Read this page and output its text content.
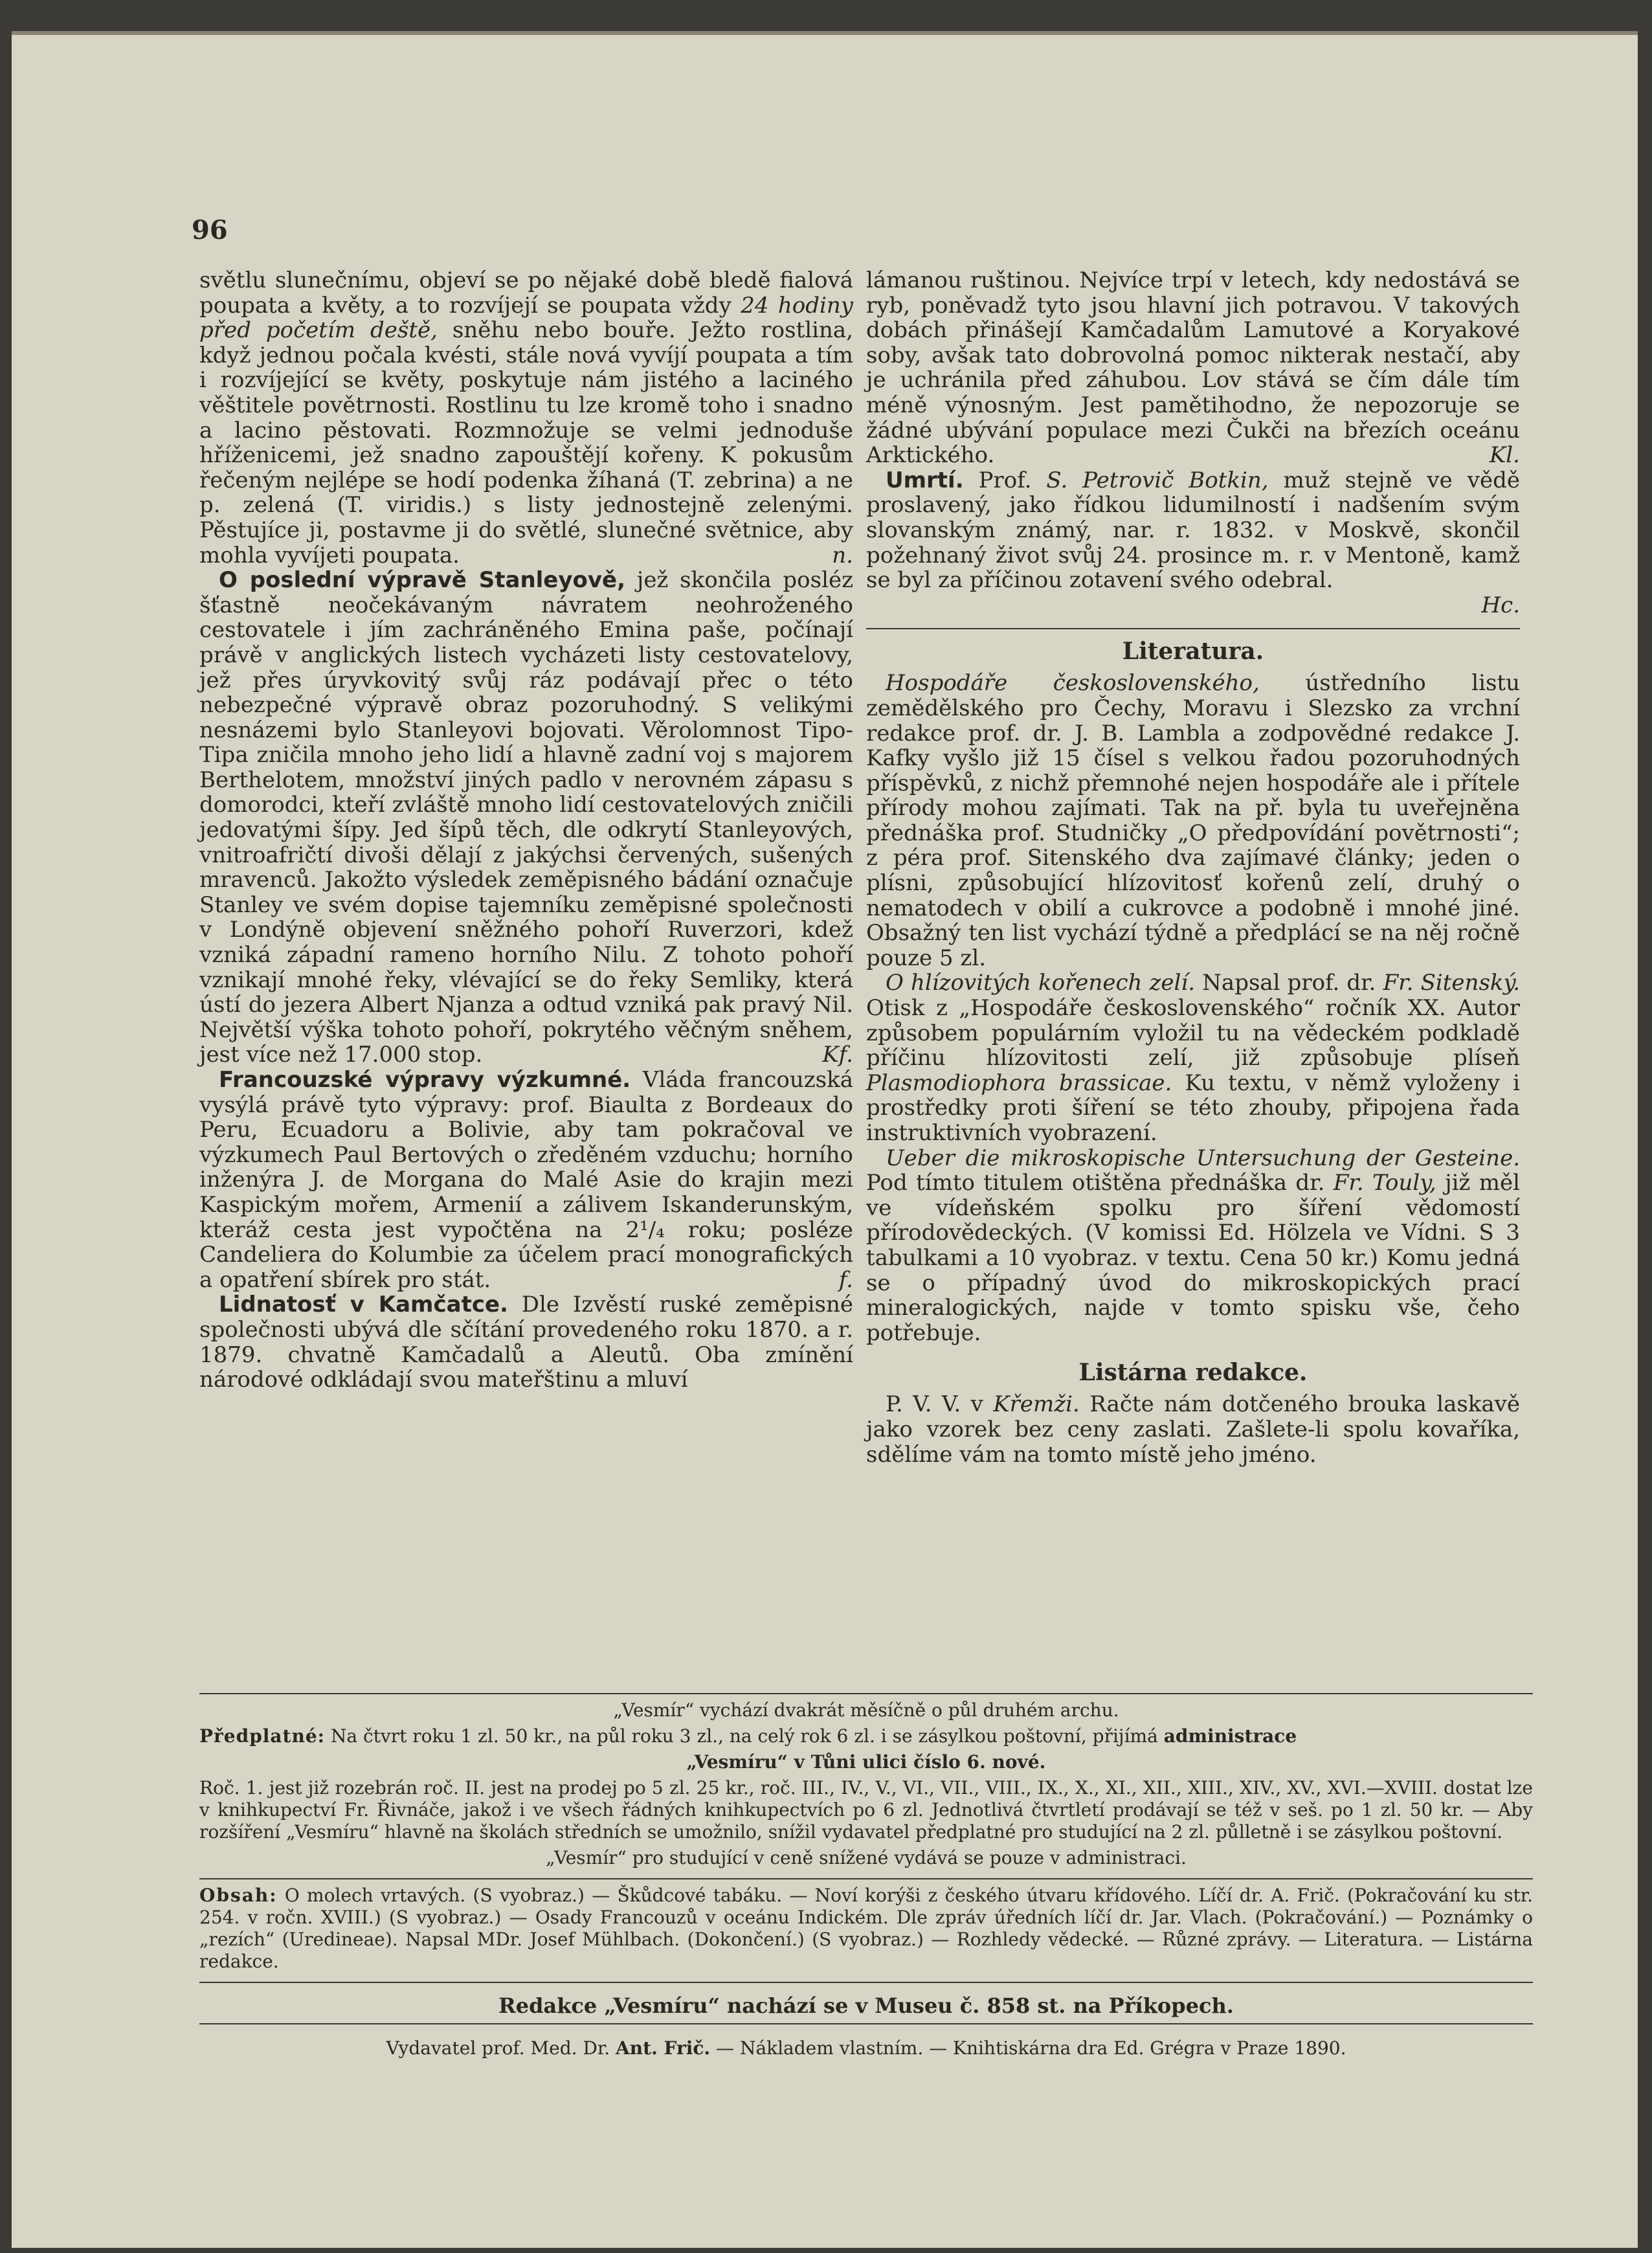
96

světlu slunečnímu, objeví se po nějaké době bledě fialová poupata a květy, a to rozvíjejí se poupata vždy 24 hodiny před početím deště, sněhu nebo bouře. Ježto rostlina, když jednou počala kvésti, stále nová vyvíjí poupata a tím i rozvíjející se květy, poskytuje nám jistého a laciného věštitele povětrnosti. Rostlinu tu lze kromě toho i snadno a lacino pěstovati. Rozmnožuje se velmi jednoduše hříženicemi, jež snadno zapouštějí kořeny. K pokusům řečeným nejlépe se hodí podenka žíhaná (T. zebrina) a ne p. zelená (T. viridis.) s listy jednostejně zelenými. Pěstujíce ji, postavme ji do světlé, slunečné světnice, aby mohla vyvíjeti poupata.	n.

O poslední výpravě Stanleyově, jež skončila posléz šťastně neočekávaným návratem neohroženého cestovatele i jím zachráněného Emina paše, počínají právě v anglických listech vycházeti listy cestovatelovy, jež přes úryvkovitý svůj ráz podávají přec o této nebezpečné výpravě obraz pozoruhodný. S velikými nesnázemi bylo Stanleyovi bojovati. Věrolomnost Tipo-Tipa zničila mnoho jeho lidí a hlavně zadní voj s majorem Berthelotem, množství jiných padlo v nerovném zápasu s domorodci, kteří zvláště mnoho lidí cestovatelových zničili jedovatými šípy. Jed šípů těch, dle odkrytí Stanleyových, vnitroafričtí divoši dělají z jakýchsi červených, sušených mravenců. Jakožto výsledek zeměpisného bádání označuje Stanley ve svém dopise tajemníku zeměpisné společnosti v Londýně objevení sněžného pohoří Ruverzori, kdež vzniká západní rameno horního Nilu. Z tohoto pohoří vznikají mnohé řeky, vlévající se do řeky Semliky, která ústí do jezera Albert Njanza a odtud vzniká pak pravý Nil. Největší výška tohoto pohoří, pokrytého věčným sněhem, jest více než 17.000 stop.	Kf.

Francouzské výpravy výzkumné. Vláda francouzská vysýlá právě tyto výpravy: prof. Biaulta z Bordeaux do Peru, Ecuadoru a Bolivie, aby tam pokračoval ve výzkumech Paul Bertových o zředěném vzduchu; horního inženýra J. de Morgana do Malé Asie do krajin mezi Kaspickým mořem, Armenií a zálivem Iskanderunským, kteráž cesta jest vypočtěna na 2¹/₄ roku; posléze Candeliera do Kolumbie za účelem prací monografických a opatření sbírek pro stát.	f.

Lidnatosť v Kamčatce. Dle Izvěstí ruské zeměpisné společnosti ubývá dle sčítání provedeného roku 1870. a r. 1879. chvatně Kamčadalů a Aleutů. Oba zmínění národové odkládají svou mateřštinu a mluví

lámanou ruštinou. Nejvíce trpí v letech, kdy nedostává se ryb, poněvadž tyto jsou hlavní jich potravou. V takových dobách přinášejí Kamčadalům Lamutové a Koryakové soby, avšak tato dobrovolná pomoc nikterak nestačí, aby je uchránila před záhubou. Lov stává se čím dále tím méně výnosným. Jest pamětihodno, že nepozoruje se žádné ubývání populace mezi Čukči na březích oceánu Arktického.	Kl.

Umrtí. Prof. S. Petrovič Botkin, muž stejně ve vědě proslavený, jako řídkou lidumilností i nadšením svým slovanským známý, nar. r. 1832. v Moskvě, skončil požehnaný život svůj 24. prosince m. r. v Mentoně, kamž se byl za příčinou zotavení svého odebral.

Hc.

Literatura.

Hospodáře československého, ústředního listu zemědělského pro Čechy, Moravu i Slezsko za vrchní redakce prof. dr. J. B. Lambla a zodpovědné redakce J. Kafky vyšlo již 15 čísel s velkou řadou pozoruhodných příspěvků, z nichž přemnohé nejen hospodáře ale i přítele přírody mohou zajímati. Tak na př. byla tu uveřejněna přednáška prof. Studničky „O předpovídání povětrnosti“; z péra prof. Sitenského dva zajímavé články; jeden o plísni, způsobující hlízovitosť kořenů zelí, druhý o nematodech v obilí a cukrovce a podobně i mnohé jiné. Obsažný ten list vychází týdně a předplácí se na něj ročně pouze 5 zl.

O hlízovitých kořenech zelí. Napsal prof. dr. Fr. Sitenský. Otisk z „Hospodáře československého“ ročník XX. Autor způsobem populárním vyložil tu na vědeckém podkladě příčinu hlízovitosti zelí, již způsobuje plíseň Plasmodiophora brassicae. Ku textu, v němž vyloženy i prostředky proti šíření se této zhouby, připojena řada instruktivních vyobrazení.

Ueber die mikroskopische Untersuchung der Gesteine. Pod tímto titulem otištěna přednáška dr. Fr. Touly, již měl ve vídeňském spolku pro šíření vědomostí přírodovědeckých. (V komissi Ed. Hölzela ve Vídni. S 3 tabulkami a 10 vyobraz. v textu. Cena 50 kr.) Komu jedná se o případný úvod do mikroskopických prací mineralogických, najde v tomto spisku vše, čeho potřebuje.

Listárna redakce.

P. V. V. v Křemži. Račte nám dotčeného brouka laskavě jako vzorek bez ceny zaslati. Zašlete-li spolu kovaříka, sdělíme vám na tomto místě jeho jméno.

„Vesmír“ vychází dvakrát měsíčně o půl druhém archu.
Předplatné: Na čtvrt roku 1 zl. 50 kr., na půl roku 3 zl., na celý rok 6 zl. i se zásylkou poštovní, přijímá administrace
„Vesmíru“ v Tůni ulici číslo 6. nové.
Roč. 1. jest již rozebrán roč. II. jest na prodej po 5 zl. 25 kr., roč. III., IV., V., VI., VII., VIII., IX., X., XI., XII., XIII., XIV., XV., XVI.—XVIII. dostat lze v knihkupectví Fr. Řivnáče, jakož i ve všech řádných knihkupectvích po 6 zl. Jednotlivá čtvrtletí prodávají se též v seš. po 1 zl. 50 kr. — Aby rozšíření „Vesmíru“ hlavně na školách středních se umožnilo, snížil vydavatel předplatné pro studující na 2 zl. půlletně i se zásylkou poštovní.
„Vesmír“ pro studující v ceně snížené vydává se pouze v administraci.
Obsah: O molech vrtavých. (S vyobraz.) — Škůdcové tabáku. — Noví korýši z českého útvaru křídového. Líčí dr. A. Frič. (Pokračování ku str. 254. v ročn. XVIII.) (S vyobraz.) — Osady Francouzů v oceánu Indickém. Dle zpráv úředních líčí dr. Jar. Vlach. (Pokračování.) — Poznámky o „rezích“ (Uredineae). Napsal MDr. Josef Mühlbach. (Dokončení.) (S vyobraz.) — Rozhledy vědecké. — Různé zprávy. — Literatura. — Listárna redakce.
Redakce „Vesmíru“ nachází se v Museu č. 858 st. na Příkopech.
Vydavatel prof. Med. Dr. Ant. Frič. — Nákladem vlastním. — Knihtiskárna dra Ed. Grégra v Praze 1890.
